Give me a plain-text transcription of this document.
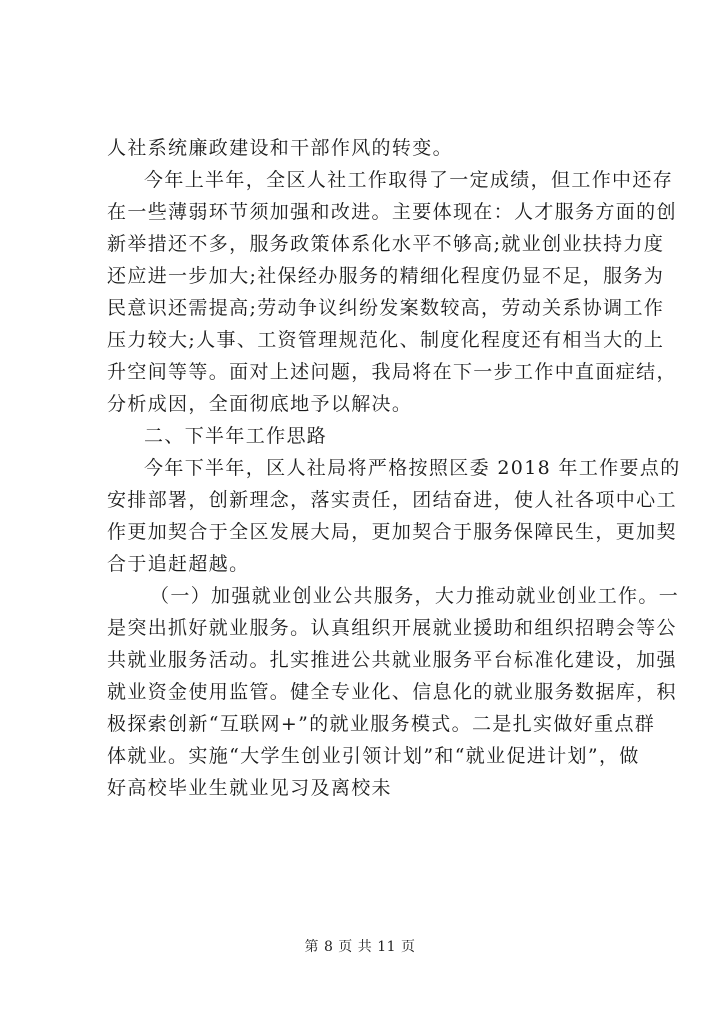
人社系统廉政建设和干部作风的转变。
今年上半年，全区人社工作取得了一定成绩，但工作中还存
在一些薄弱环节须加强和改进。主要体现在：人才服务方面的创
新举措还不多，服务政策体系化水平不够高;就业创业扶持力度
还应进一步加大;社保经办服务的精细化程度仍显不足，服务为
民意识还需提高;劳动争议纠纷发案数较高，劳动关系协调工作
压力较大;人事、工资管理规范化、制度化程度还有相当大的上
升空间等等。面对上述问题，我局将在下一步工作中直面症结，
分析成因，全面彻底地予以解决。
二、下半年工作思路
今年下半年，区人社局将严格按照区委 2018 年工作要点的
安排部署，创新理念，落实责任，团结奋进，使人社各项中心工
作更加契合于全区发展大局，更加契合于服务保障民生，更加契
合于追赶超越。
（一）加强就业创业公共服务，大力推动就业创业工作。一
是突出抓好就业服务。认真组织开展就业援助和组织招聘会等公
共就业服务活动。扎实推进公共就业服务平台标准化建设，加强
就业资金使用监管。健全专业化、信息化的就业服务数据库，积
极探索创新“互联网+”的就业服务模式。二是扎实做好重点群
体就业。实施“大学生创业引领计划”和“就业促进计划”，做
好高校毕业生就业见习及离校未
第 8 页 共 11 页
